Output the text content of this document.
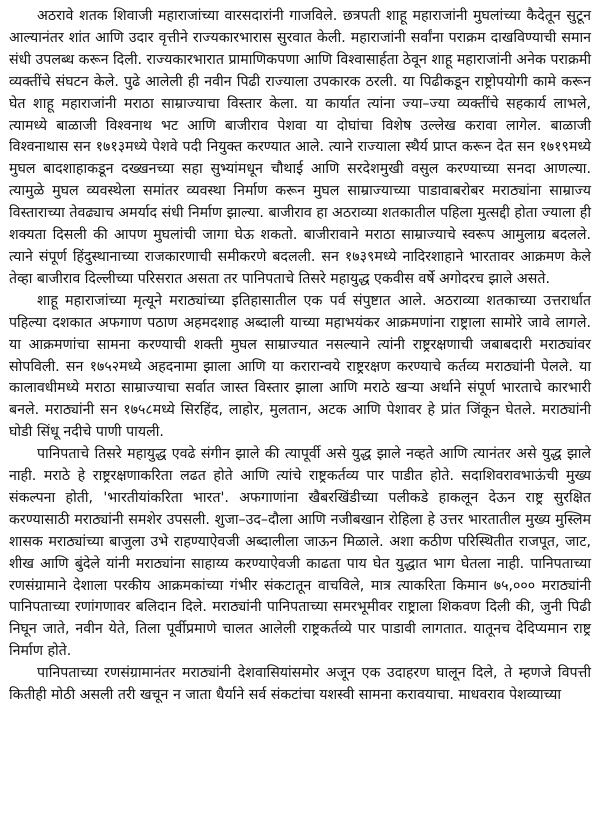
अठरावे शतक शिवाजी महाराजांच्या वारसदारांनी गाजविले. छत्रपती शाहू महाराजांनी मुघलांच्या कैदेतून सुटून आल्यानंतर शांत आणि उदार वृत्तीने राज्यकारभारास सुरवात केली. महाराजांनी सर्वांना पराक्रम दाखविण्याची समान संधी उपलब्ध करून दिली. राज्यकारभारात प्रामाणिकपणा आणि विश्वासार्हता ठेवून शाहू महाराजांनी अनेक पराक्रमी व्यक्तींचे संघटन केले. पुढे आलेली ही नवीन पिढी राज्याला उपकारक ठरली. या पिढीकडून राष्ट्रोपयोगी कामे करून घेत शाहू महाराजांनी मराठा साम्राज्याचा विस्तार केला. या कार्यात त्यांना ज्या–ज्या व्यक्तींचे सहकार्य लाभले, त्यामध्ये बाळाजी विश्वनाथ भट आणि बाजीराव पेशवा या दोघांचा विशेष उल्लेख करावा लागेल. बाळाजी विश्वनाथास सन १७१३मध्ये पेशवे पदी नियुक्त करण्यात आले. त्याने राज्याला स्थैर्य प्राप्त करून देत सन १७१९मध्ये मुघल बादशाहाकडून दख्खनच्या सहा सुभ्यांमधून चौथाई आणि सरदेशमुखी वसुल करण्याच्या सनदा आणल्या. त्यामुळे मुघल व्यवस्थेला समांतर व्यवस्था निर्माण करून मुघल साम्राज्याच्या पाडावाबरोबर मराठ्यांना साम्राज्य विस्ताराच्या तेवढ्याच अमर्याद संधी निर्माण झाल्या. बाजीराव हा अठराव्या शतकातील पहिला मुत्सद्दी होता ज्याला ही शक्यता दिसली की आपण मुघलांची जागा घेऊ शकतो. बाजीरावाने मराठा साम्राज्याचे स्वरूप आमुलाग्र बदलले. त्याने संपूर्ण हिंदुस्थानाच्या राजकारणाची समीकरणे बदलली. सन १७३९मध्ये नादिरशाहाने भारतावर आक्रमण केले तेव्हा बाजीराव दिल्लीच्या परिसरात असता तर पानिपताचे तिसरे महायुद्ध एकवीस वर्षे अगोदरच झाले असते.

शाहू महाराजांच्या मृत्यूने मराठ्यांच्या इतिहासातील एक पर्व संपुष्टात आले. अठराव्या शतकाच्या उत्तरार्धात पहिल्या दशकात अफगाण पठाण अहमदशाह अब्दाली याच्या महाभयंकर आक्रमणांना राष्ट्राला सामोरे जावे लागले. या आक्रमणांचा सामना करण्याची शक्ती मुघल साम्राज्यात नसल्याने त्यांनी राष्ट्ररक्षणाची जबाबदारी मराठ्यांवर सोपविली. सन १७५२मध्ये अहदनामा झाला आणि या करारान्वये राष्ट्ररक्षण करण्याचे कर्तव्य मराठ्यांनी पेलले. या कालावधीमध्ये मराठा साम्राज्याचा सर्वात जास्त विस्तार झाला आणि मराठे खऱ्या अर्थाने संपूर्ण भारताचे कारभारी बनले. मराठ्यांनी सन १७५८मध्ये सिरहिंद, लाहोर, मुलतान, अटक आणि पेशावर हे प्रांत जिंकून घेतले. मराठ्यांनी घोडी सिंधू नदीचे पाणी पायली.

पानिपताचे तिसरे महायुद्ध एवढे संगीन झाले की त्यापूर्वी असे युद्ध झाले नव्हते आणि त्यानंतर असे युद्ध झाले नाही. मराठे हे राष्ट्ररक्षणाकरिता लढत होते आणि त्यांचे राष्ट्रकर्तव्य पार पाडीत होते. सदाशिवरावभाऊंची मुख्य संकल्पना होती, 'भारतीयांकरिता भारत'. अफगाणांना खैबरखिंडीच्या पलीकडे हाकलून देऊन राष्ट्र सुरक्षित करण्यासाठी मराठ्यांनी समशेर उपसली. शुजा–उद–दौला आणि नजीबखान रोहिला हे उत्तर भारतातील मुख्य मुस्लिम शासक मराठ्यांच्या बाजुला उभे राहण्याऐवजी अब्दालीला जाऊन मिळाले. अशा कठीण परिस्थितीत राजपूत, जाट, शीख आणि बुंदेले यांनी मराठ्यांना साहाय्य करण्याऐवजी काढता पाय घेत युद्धात भाग घेतला नाही. पानिपताच्या रणसंग्रामाने देशाला परकीय आक्रमकांच्या गंभीर संकटातून वाचविले, मात्र त्याकरिता किमान ७५,००० मराठ्यांनी पानिपताच्या रणांगणावर बलिदान दिले. मराठ्यांनी पानिपताच्या समरभूमीवर राष्ट्राला शिकवण दिली की, जुनी पिढी निघून जाते, नवीन येते, तिला पूर्वीप्रमाणे चालत आलेली राष्ट्रकर्तव्ये पार पाडावी लागतात. यातूनच देदिप्यमान राष्ट्र निर्माण होते.

पानिपताच्या रणसंग्रामानंतर मराठ्यांनी देशवासियांसमोर अजून एक उदाहरण घालून दिले, ते म्हणजे विपत्ती कितीही मोठी असली तरी खचून न जाता धैर्याने सर्व संकटांचा यशस्वी सामना करावयाचा. माधवराव पेशव्याच्या
